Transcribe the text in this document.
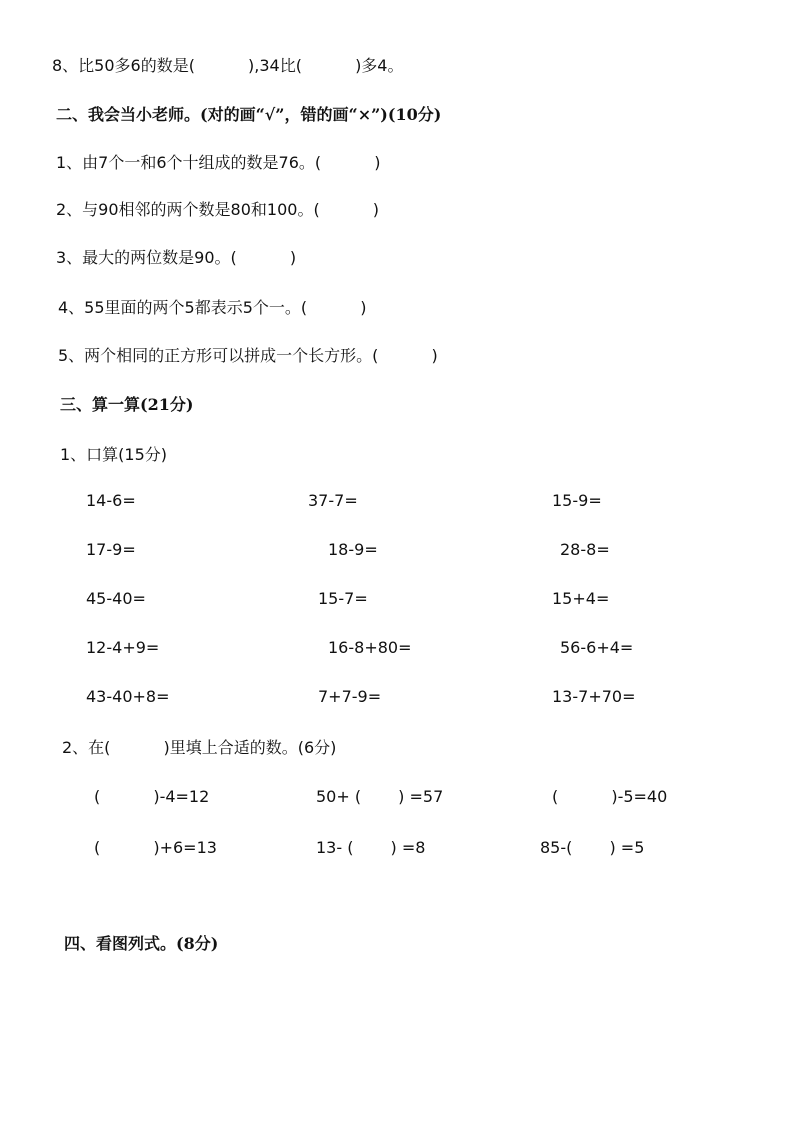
8、比50多6的数是(　　　 ),34比(　　　 )多4。
二、我会当小老师。(对的画“√”，错的画“×”)(10分)
1、由7个一和6个十组成的数是76。(　　　 )
2、与90相邻的两个数是80和100。(　　　 )
3、最大的两位数是90。(　　　 )
4、55里面的两个5都表示5个一。(　　　 )
5、两个相同的正方形可以拼成一个长方形。(　　　 )
三、算一算(21分)
1、口算(15分)
14-6=	37-7=	15-9=
17-9=	18-9=	28-8=
45-40=	15-7=	15+4=
12-4+9=	16-8+80=	56-6+4=
43-40+8=	7+7-9=	13-7+70=
2、在(　　　 )里填上合适的数。(6分)
(　　　 )-4=12	50+ (　 　) =57	(　　　 )-5=40
(　　　 )+6=13	13- (　 　) =8	85-(　 　) =5
四、看图列式。(8分)
